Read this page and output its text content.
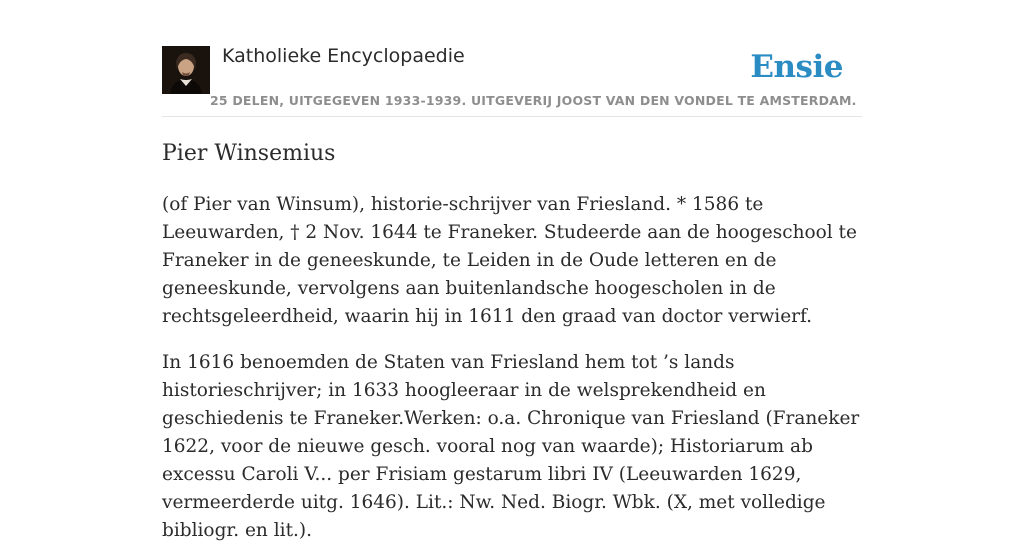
Katholieke Encyclopaedie
25 DELEN, UITGEGEVEN 1933-1939. UITGEVERIJ JOOST VAN DEN VONDEL TE AMSTERDAM.
Ensie
Pier Winsemius

(of Pier van Winsum), historie-schrijver van Friesland. * 1586 te Leeuwarden, † 2 Nov. 1644 te Franeker. Studeerde aan de hoogeschool te Franeker in de geneeskunde, te Leiden in de Oude letteren en de geneeskunde, vervolgens aan buitenlandsche hoogescholen in de rechtsgeleerdheid, waarin hij in 1611 den graad van doctor verwierf.

In 1616 benoemden de Staten van Friesland hem tot ’s lands historieschrijver; in 1633 hoogleeraar in de welsprekendheid en geschiedenis te Franeker.Werken: o.a. Chronique van Friesland (Franeker 1622, voor de nieuwe gesch. vooral nog van waarde); Historiarum ab excessu Caroli V... per Frisiam gestarum libri IV (Leeuwarden 1629, vermeerderde uitg. 1646). Lit.: Nw. Ned. Biogr. Wbk. (X, met volledige bibliogr. en lit.).
